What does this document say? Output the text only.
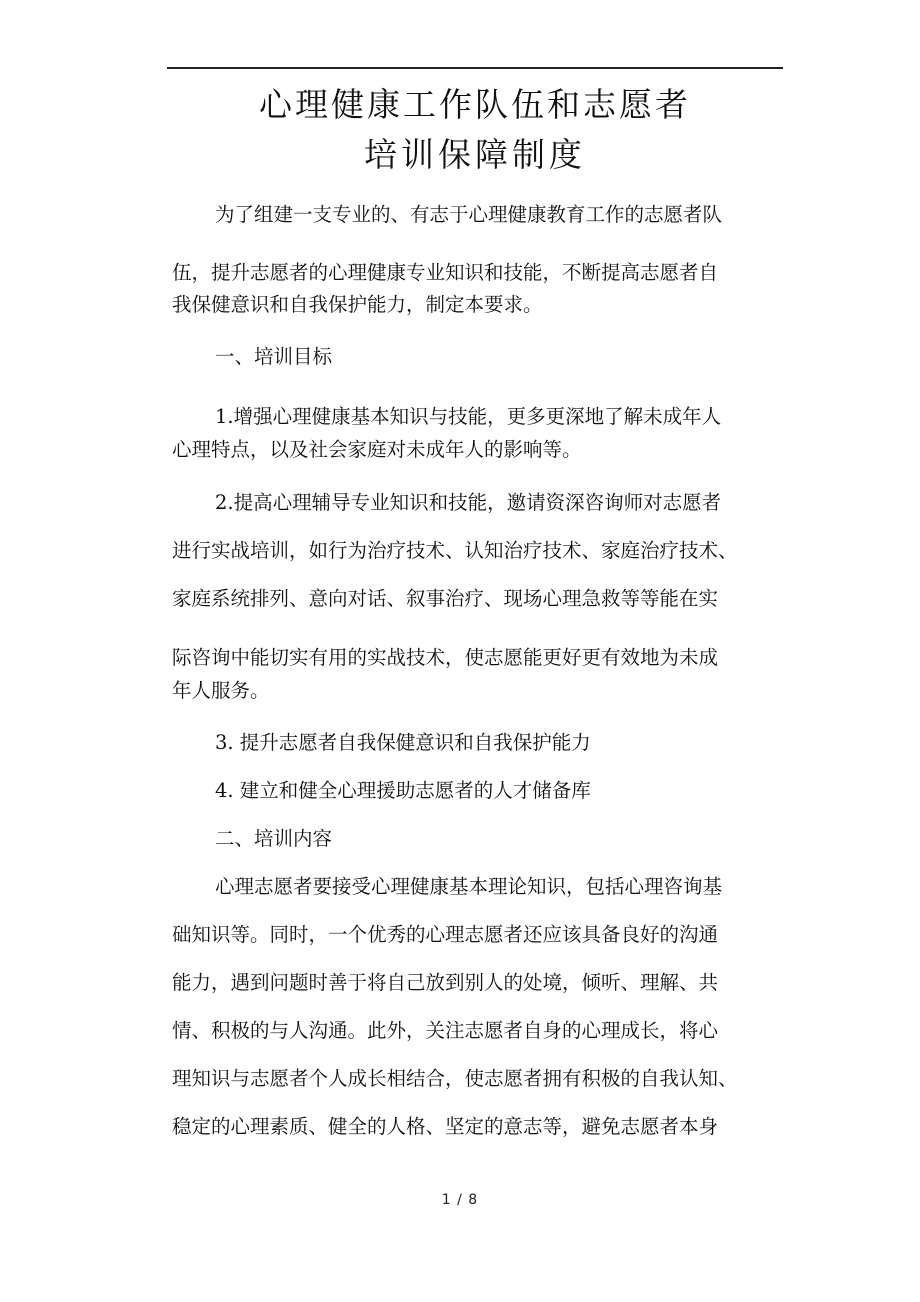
心理健康工作队伍和志愿者
培训保障制度
为了组建一支专业的、有志于心理健康教育工作的志愿者队
伍，提升志愿者的心理健康专业知识和技能，不断提高志愿者自
我保健意识和自我保护能力，制定本要求。
一、培训目标
1.增强心理健康基本知识与技能，更多更深地了解未成年人
心理特点，以及社会家庭对未成年人的影响等。
2.提高心理辅导专业知识和技能，邀请资深咨询师对志愿者
进行实战培训，如行为治疗技术、认知治疗技术、家庭治疗技术、
家庭系统排列、意向对话、叙事治疗、现场心理急救等等能在实
际咨询中能切实有用的实战技术，使志愿能更好更有效地为未成
年人服务。
3. 提升志愿者自我保健意识和自我保护能力
4. 建立和健全心理援助志愿者的人才储备库
二、培训内容
心理志愿者要接受心理健康基本理论知识，包括心理咨询基
础知识等。同时，一个优秀的心理志愿者还应该具备良好的沟通
能力，遇到问题时善于将自己放到别人的处境，倾听、理解、共
情、积极的与人沟通。此外，关注志愿者自身的心理成长，将心
理知识与志愿者个人成长相结合，使志愿者拥有积极的自我认知、
稳定的心理素质、健全的人格、坚定的意志等，避免志愿者本身
1 / 8
